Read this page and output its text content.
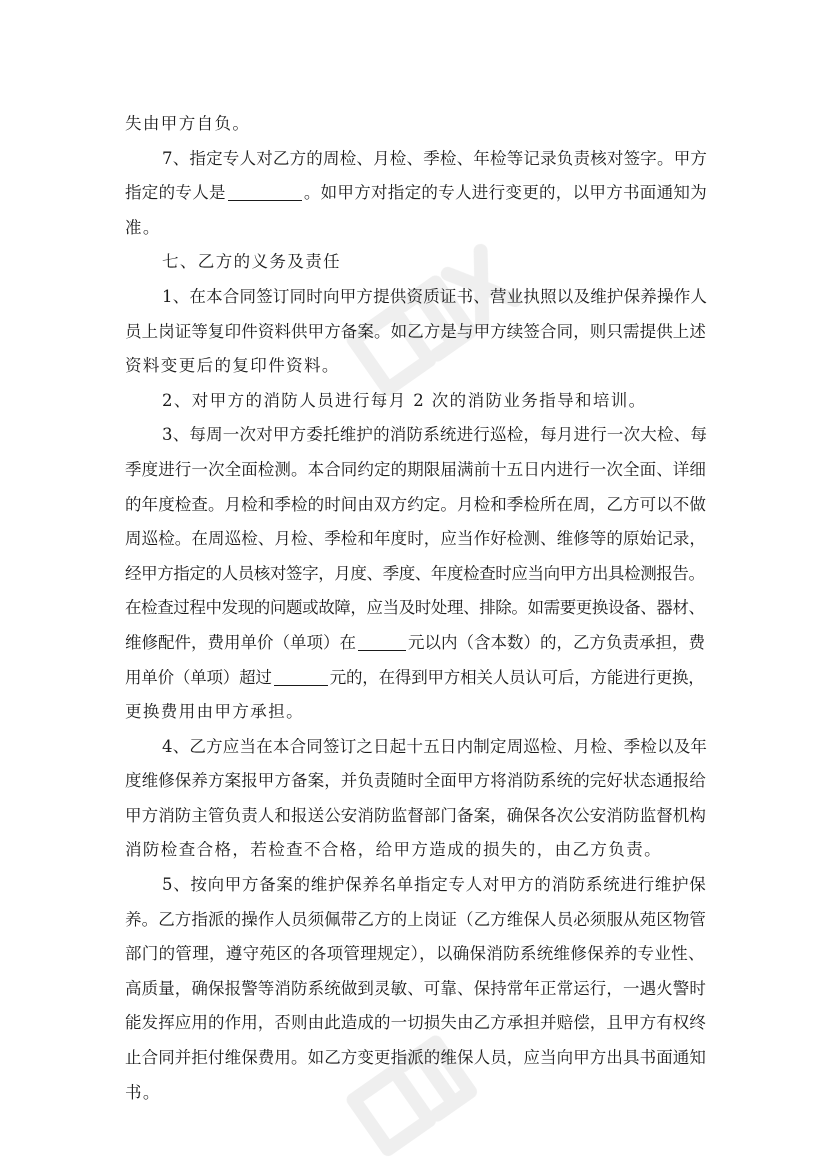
失由甲方自负。
7、指定专人对乙方的周检、月检、季检、年检等记录负责核对签字。甲方
指定的专人是	。如甲方对指定的专人进行变更的，以甲方书面通知为
准。
七、乙方的义务及责任
1、在本合同签订同时向甲方提供资质证书、营业执照以及维护保养操作人
员上岗证等复印件资料供甲方备案。如乙方是与甲方续签合同，则只需提供上述
资料变更后的复印件资料。
2、对甲方的消防人员进行每月 2 次的消防业务指导和培训。
3、每周一次对甲方委托维护的消防系统进行巡检，每月进行一次大检、每
季度进行一次全面检测。本合同约定的期限届满前十五日内进行一次全面、详细
的年度检查。月检和季检的时间由双方约定。月检和季检所在周，乙方可以不做
周巡检。在周巡检、月检、季检和年度时，应当作好检测、维修等的原始记录，
经甲方指定的人员核对签字，月度、季度、年度检查时应当向甲方出具检测报告。
在检查过程中发现的问题或故障，应当及时处理、排除。如需要更换设备、器材、
维修配件，费用单价（单项）在	元以内（含本数）的，乙方负责承担，费
用单价（单项）超过	元的，在得到甲方相关人员认可后，方能进行更换，
更换费用由甲方承担。
4、乙方应当在本合同签订之日起十五日内制定周巡检、月检、季检以及年
度维修保养方案报甲方备案，并负责随时全面甲方将消防系统的完好状态通报给
甲方消防主管负责人和报送公安消防监督部门备案，确保各次公安消防监督机构
消防检查合格，若检查不合格，给甲方造成的损失的，由乙方负责。
5、按向甲方备案的维护保养名单指定专人对甲方的消防系统进行维护保
养。乙方指派的操作人员须佩带乙方的上岗证（乙方维保人员必须服从苑区物管
部门的管理，遵守苑区的各项管理规定），以确保消防系统维修保养的专业性、
高质量，确保报警等消防系统做到灵敏、可靠、保持常年正常运行，一遇火警时
能发挥应用的作用，否则由此造成的一切损失由乙方承担并赔偿，且甲方有权终
止合同并拒付维保费用。如乙方变更指派的维保人员，应当向甲方出具书面通知
书。
